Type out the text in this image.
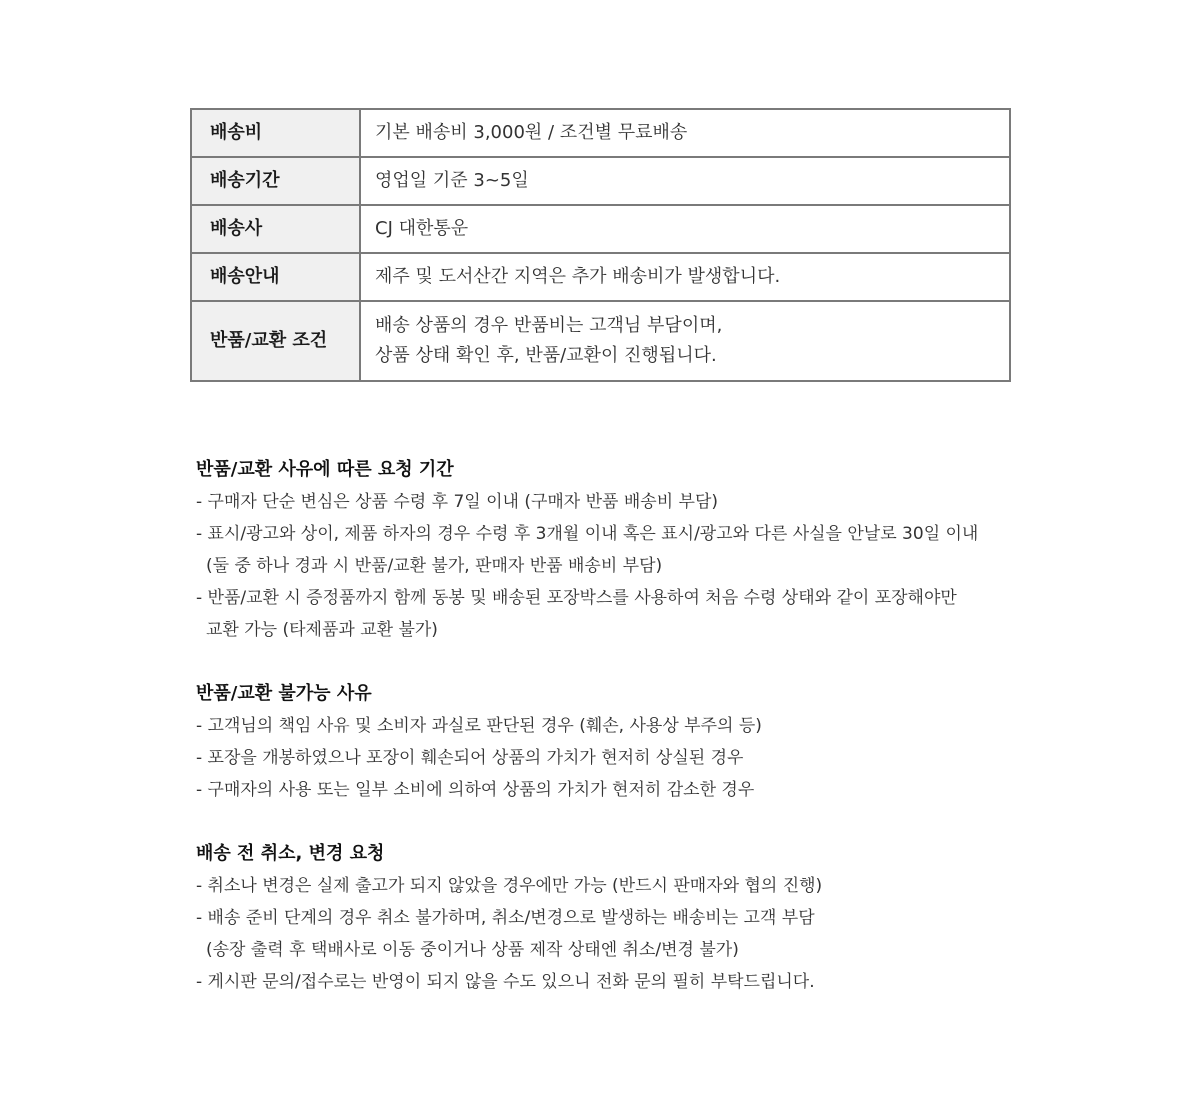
배송비	기본 배송비 3,000원 / 조건별 무료배송

배송기간	영업일 기준 3~5일

배송사	CJ 대한통운

배송안내	제주 및 도서산간 지역은 추가 배송비가 발생합니다.

반품/교환 조건	배송 상품의 경우 반품비는 고객님 부담이며,
상품 상태 확인 후, 반품/교환이 진행됩니다.

반품/교환 사유에 따른 요청 기간

- 구매자 단순 변심은 상품 수령 후 7일 이내 (구매자 반품 배송비 부담)

- 표시/광고와 상이, 제품 하자의 경우 수령 후 3개월 이내 혹은 표시/광고와 다른 사실을 안날로 30일 이내

(둘 중 하나 경과 시 반품/교환 불가, 판매자 반품 배송비 부담)

- 반품/교환 시 증정품까지 함께 동봉 및 배송된 포장박스를 사용하여 처음 수령 상태와 같이 포장해야만

교환 가능 (타제품과 교환 불가)

반품/교환 불가능 사유

- 고객님의 책임 사유 및 소비자 과실로 판단된 경우 (훼손, 사용상 부주의 등)

- 포장을 개봉하였으나 포장이 훼손되어 상품의 가치가 현저히 상실된 경우

- 구매자의 사용 또는 일부 소비에 의하여 상품의 가치가 현저히 감소한 경우

배송 전 취소, 변경 요청

- 취소나 변경은 실제 출고가 되지 않았을 경우에만 가능 (반드시 판매자와 협의 진행)

- 배송 준비 단계의 경우 취소 불가하며, 취소/변경으로 발생하는 배송비는 고객 부담

(송장 출력 후 택배사로 이동 중이거나 상품 제작 상태엔 취소/변경 불가)

- 게시판 문의/접수로는 반영이 되지 않을 수도 있으니 전화 문의 필히 부탁드립니다.
